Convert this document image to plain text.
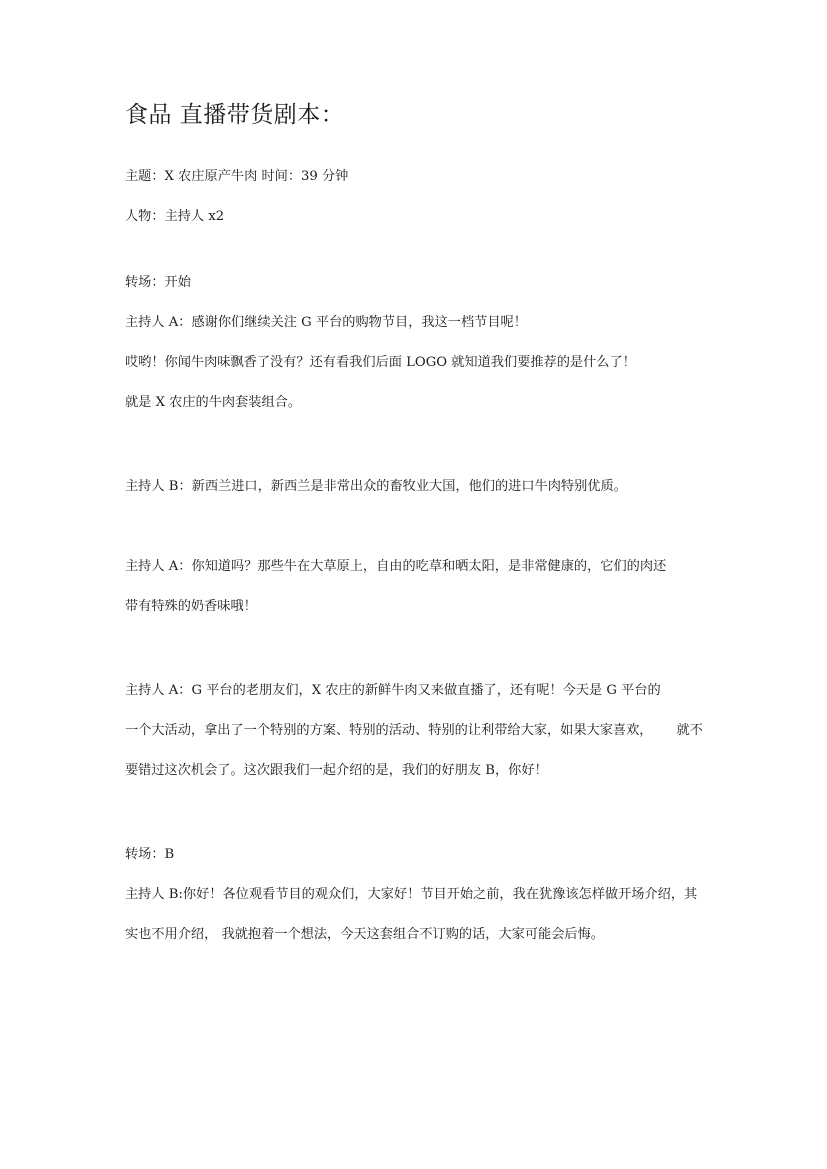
食品 直播带货剧本：

主题：X 农庄原产牛肉 时间：39 分钟

人物：主持人 x2

转场：开始

主持人 A：感谢你们继续关注 G 平台的购物节目，我这一档节目呢！

哎哟！你闻牛肉味飘香了没有？还有看我们后面 LOGO 就知道我们要推荐的是什么了！

就是 X 农庄的牛肉套装组合。

主持人 B：新西兰进口，新西兰是非常出众的畜牧业大国，他们的进口牛肉特别优质。

主持人 A：你知道吗？那些牛在大草原上，自由的吃草和晒太阳，是非常健康的，它们的肉还

带有特殊的奶香味哦！

主持人 A：G 平台的老朋友们，X 农庄的新鲜牛肉又来做直播了，还有呢！今天是 G 平台的

一个大活动，拿出了一个特别的方案、特别的活动、特别的让利带给大家，如果大家喜欢， 就不

要错过这次机会了。这次跟我们一起介绍的是，我们的好朋友 B，你好！

转场：B

主持人 B:你好！各位观看节目的观众们，大家好！节目开始之前，我在犹豫该怎样做开场介绍，其

实也不用介绍， 我就抱着一个想法，今天这套组合不订购的话，大家可能会后悔。
